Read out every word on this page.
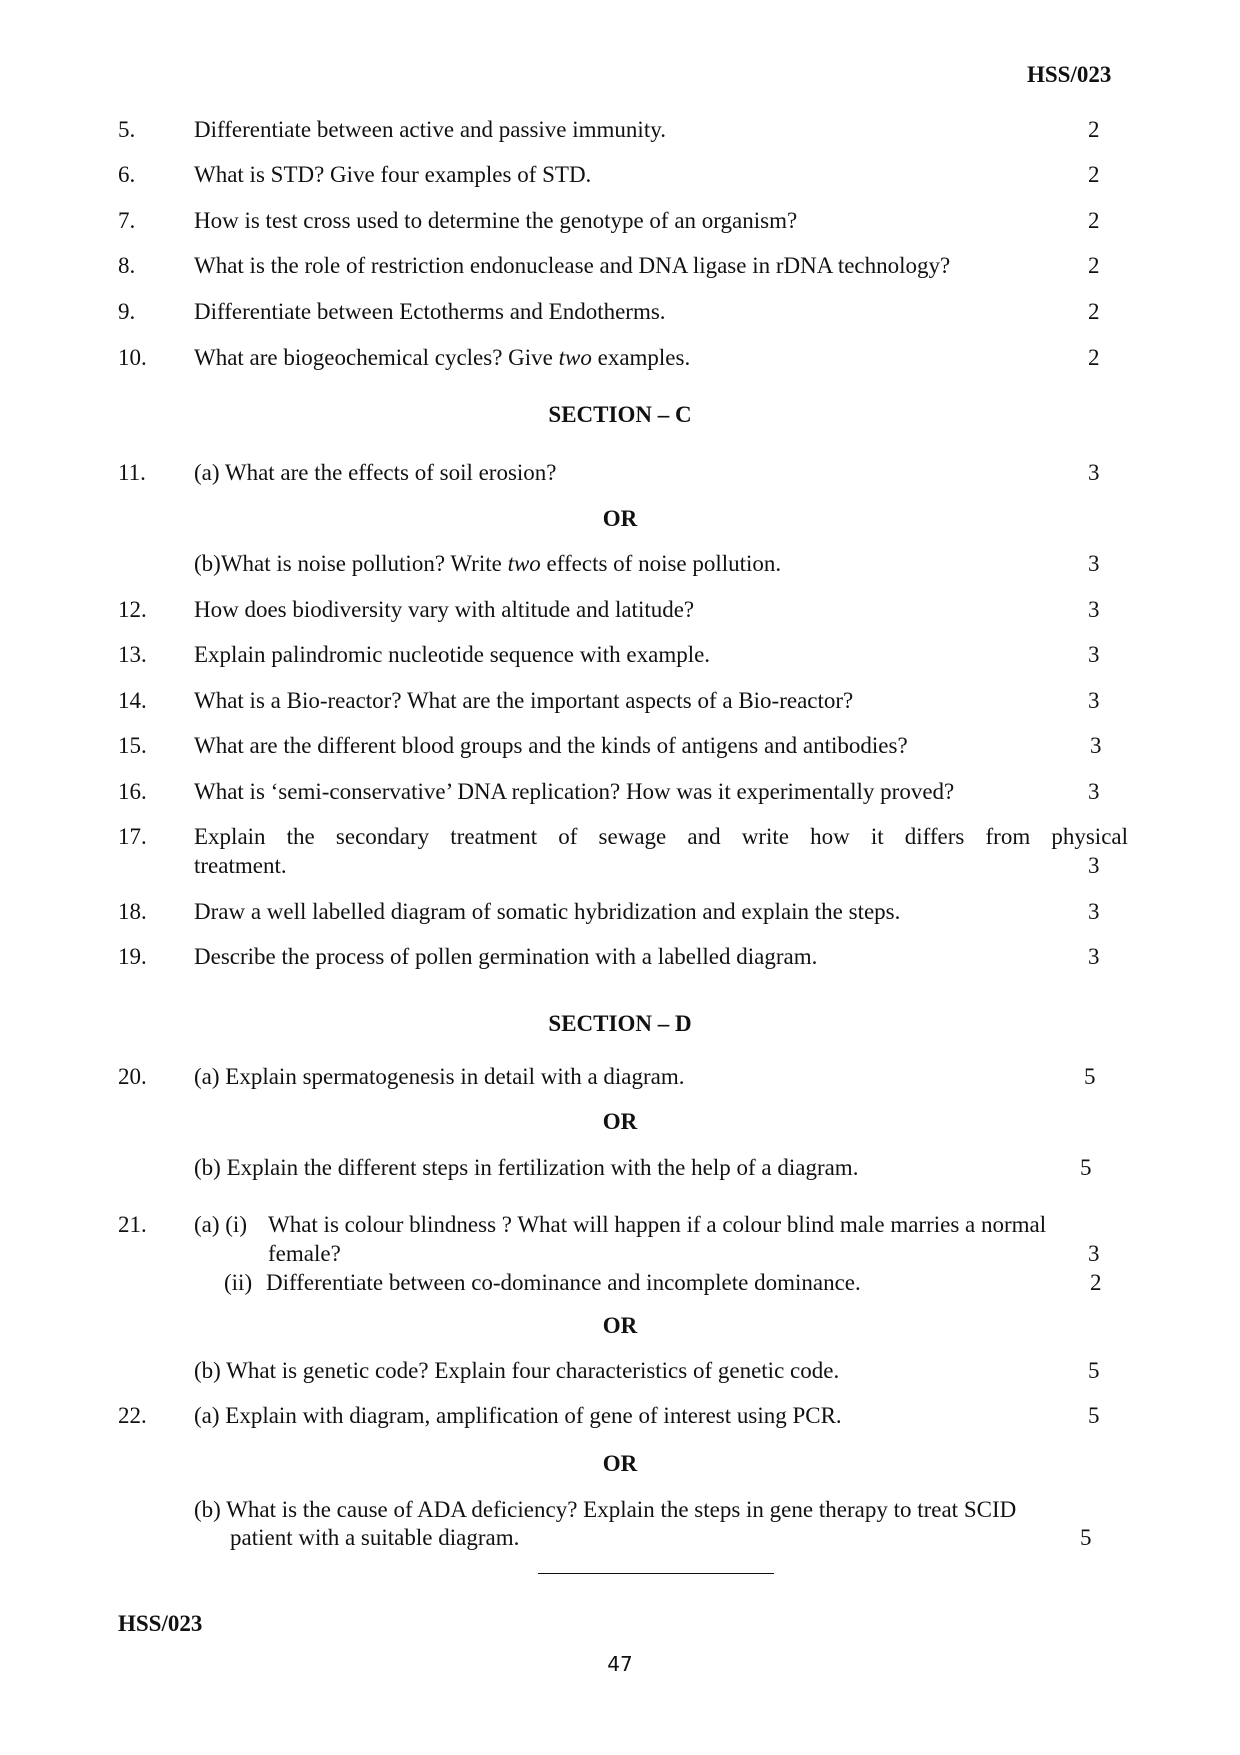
HSS/023
5.	Differentiate between active and passive immunity.	2
6.	What is STD? Give four examples of STD.	2
7.	How is test cross used to determine the genotype of an organism?	2
8.	What is the role of restriction endonuclease and DNA ligase in rDNA technology?	2
9.	Differentiate between Ectotherms and Endotherms.	2
10. What are biogeochemical cycles? Give two examples.	2
SECTION – C
11. (a) What are the effects of soil erosion?	3
OR
(b)What is noise pollution? Write two effects of noise pollution.	3
12. How does biodiversity vary with altitude and latitude?	3
13. Explain palindromic nucleotide sequence with example.	3
14. What is a Bio-reactor? What are the important aspects of a Bio-reactor?	3
15. What are the different blood groups and the kinds of antigens and antibodies?	3
16. What is ‘semi-conservative’ DNA replication? How was it experimentally proved?	3
17. Explain the secondary treatment of sewage and write how it differs from physical
treatment.	3
18. Draw a well labelled diagram of somatic hybridization and explain the steps.	3
19. Describe the process of pollen germination with a labelled diagram.	3
SECTION – D
20. (a) Explain spermatogenesis in detail with a diagram.	5
OR
(b) Explain the different steps in fertilization with the help of a diagram.	5
21. (a) (i) What is colour blindness ? What will happen if a colour blind male marries a normal
female?	3
(ii) Differentiate between co-dominance and incomplete dominance.	2
OR
(b) What is genetic code? Explain four characteristics of genetic code.	5
22. (a) Explain with diagram, amplification of gene of interest using PCR.	5
OR
(b) What is the cause of ADA deficiency? Explain the steps in gene therapy to treat SCID
patient with a suitable diagram.	5
HSS/023
47
